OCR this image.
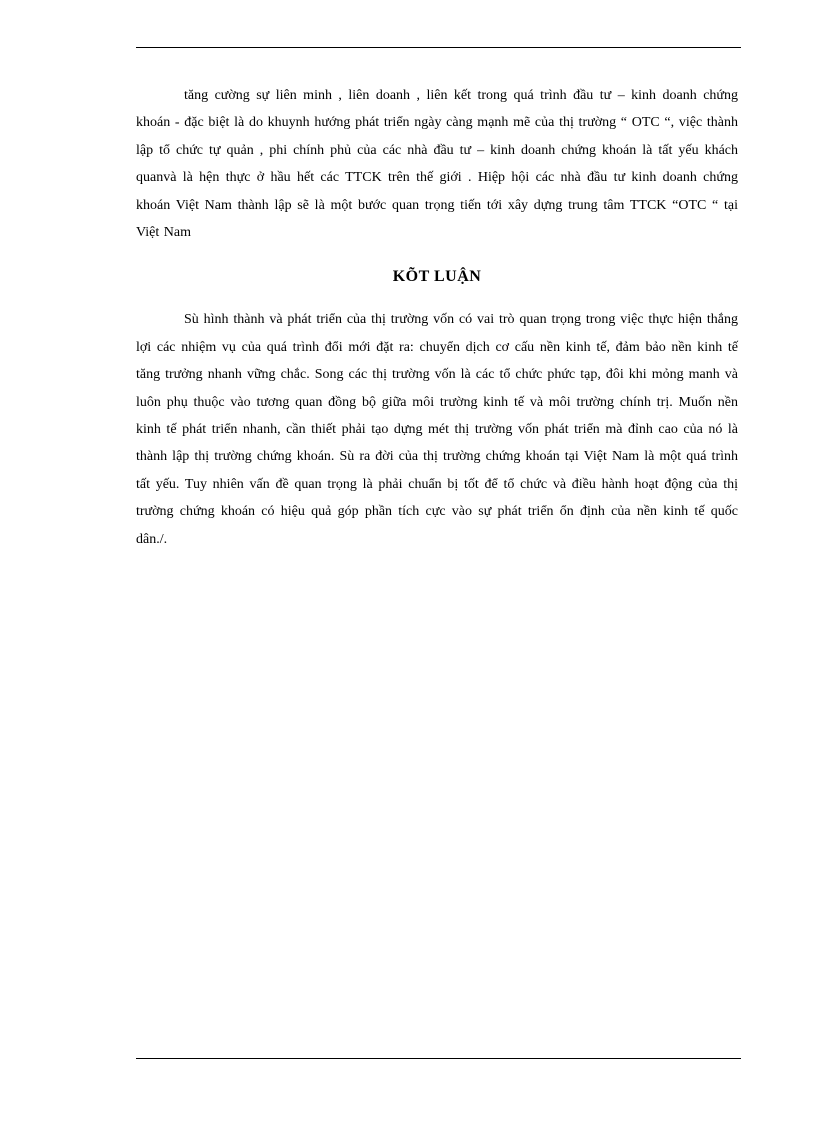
tăng cường sự liên minh , liên doanh , liên kết trong quá trình đầu tư – kinh doanh chứng khoán - đặc biệt là do khuynh hướng phát triển ngày càng mạnh mẽ của thị trường “ OTC “, việc thành lập tổ chức tự quản , phi chính phủ của các nhà đầu tư – kinh doanh chứng khoán là tất yếu khách quanvà là hện thực ở hầu hết các TTCK trên thế giới . Hiệp hội các nhà đầu tư kinh doanh chứng khoán Việt Nam thành lập sẽ là một bước quan trọng tiến tới xây dựng trung tâm TTCK “OTC “ tại Việt Nam

KÕT LUẬN

Sù hình thành và phát triển của thị trường vốn có vai trò quan trọng trong việc thực hiện thắng lợi các nhiệm vụ của quá trình đổi mới đặt ra: chuyển dịch cơ cấu nền kinh tế, đảm bảo nền kinh tế tăng trưởng nhanh vững chắc. Song các thị trường vốn là các tổ chức phức tạp, đôi khi mỏng manh và luôn phụ thuộc vào tương quan đồng bộ giữa môi trường kinh tế và môi trường chính trị. Muốn nền kinh tế phát triển nhanh, cần thiết phải tạo dựng mét thị trường vốn phát triển mà đỉnh cao của nó là thành lập thị trường chứng khoán. Sù ra đời của thị trường chứng khoán tại Việt Nam là một quá trình tất yếu. Tuy nhiên vấn đề quan trọng là phải chuẩn bị tốt để tổ chức và điều hành hoạt động của thị trường chứng khoán có hiệu quả góp phần tích cực vào sự phát triển ổn định của nền kinh tế quốc dân./.
